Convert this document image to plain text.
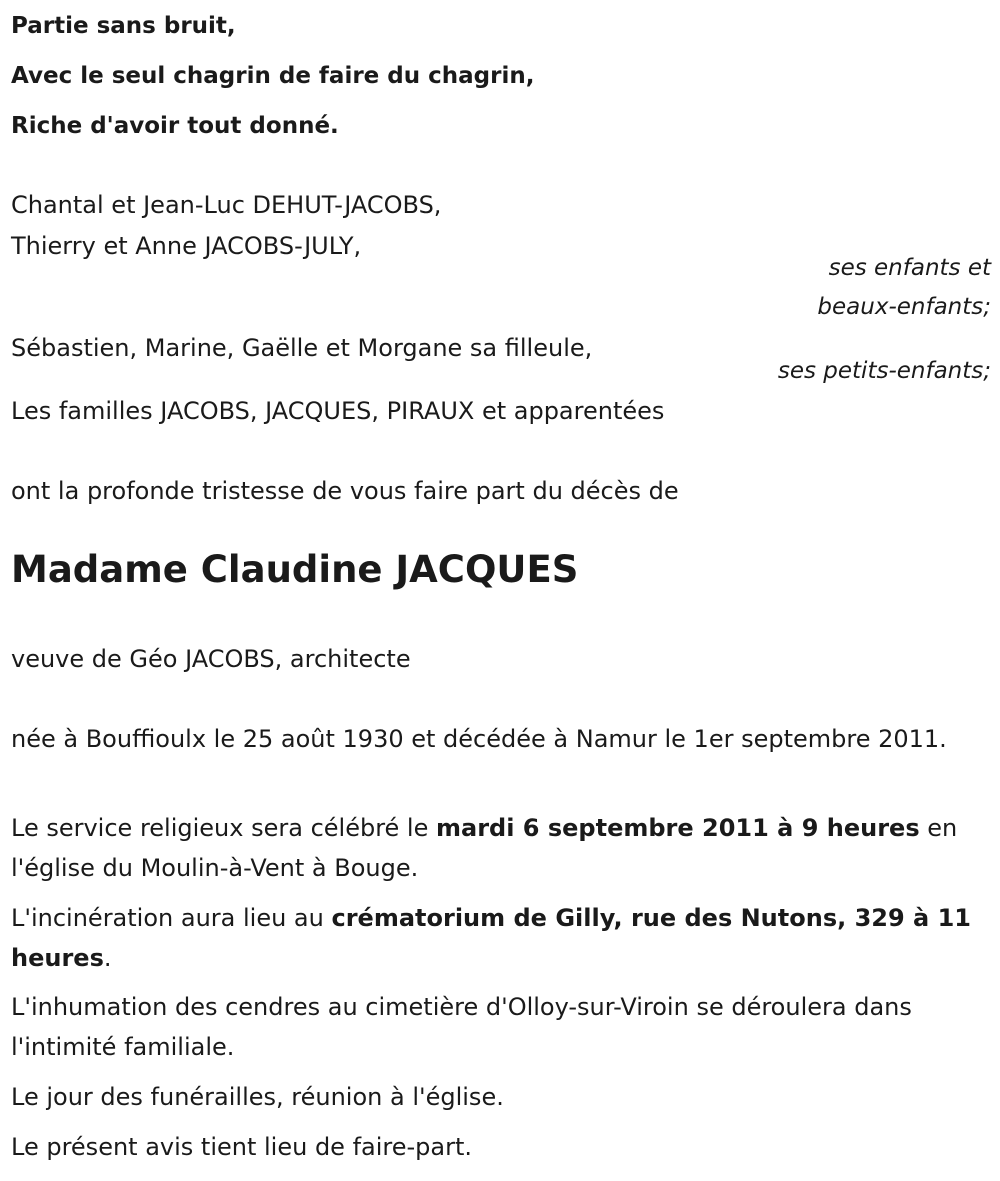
Partie sans bruit,
Avec le seul chagrin de faire du chagrin,
Riche d'avoir tout donné.
Chantal et Jean-Luc DEHUT-JACOBS,
Thierry et Anne JACOBS-JULY,
ses enfants et
beaux-enfants;
Sébastien, Marine, Gaëlle et Morgane sa filleule,
ses petits-enfants;
Les familles JACOBS, JACQUES, PIRAUX et apparentées
ont la profonde tristesse de vous faire part du décès de
Madame Claudine JACQUES
veuve de Géo JACOBS, architecte
née à Bouffioulx le 25 août 1930 et décédée à Namur le 1er septembre 2011.
Le service religieux sera célébré le mardi 6 septembre 2011 à 9 heures en l'église du Moulin-à-Vent à Bouge.
L'incinération aura lieu au crématorium de Gilly, rue des Nutons, 329 à 11 heures.
L'inhumation des cendres au cimetière d'Olloy-sur-Viroin se déroulera dans l'intimité familiale.
Le jour des funérailles, réunion à l'église.
Le présent avis tient lieu de faire-part.
